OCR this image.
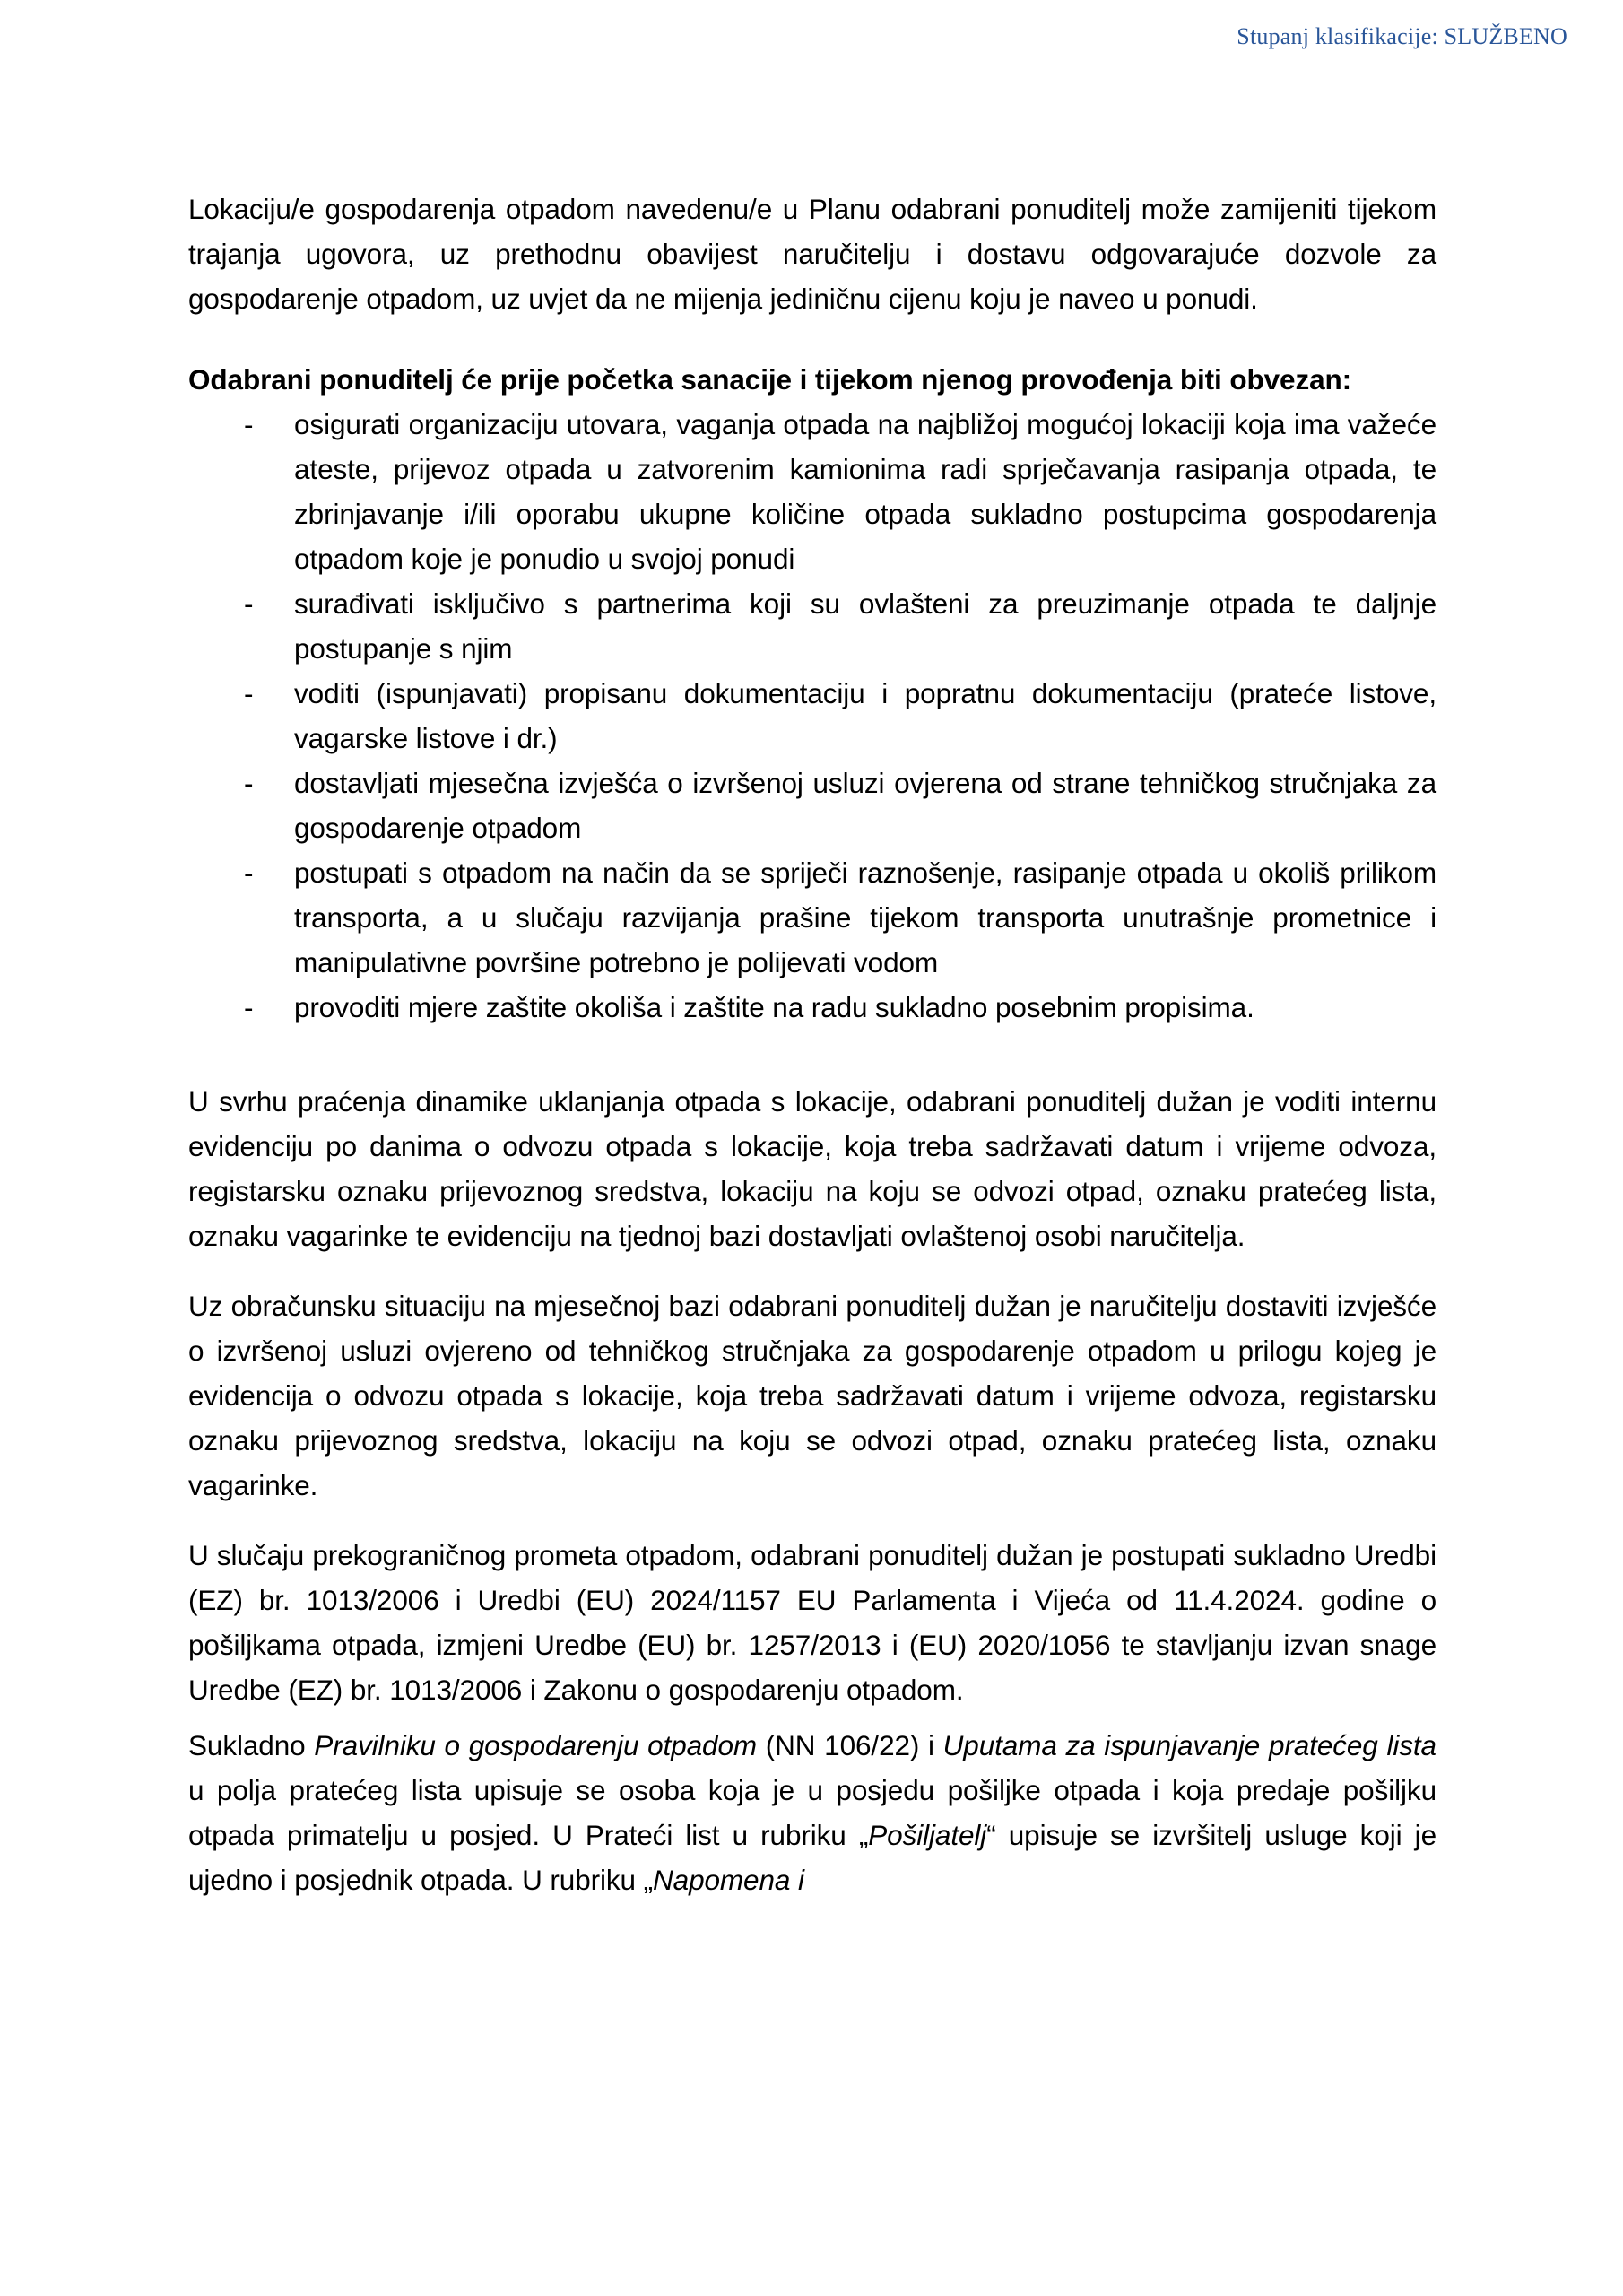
Stupanj klasifikacije: SLUŽBENO

Lokaciju/e gospodarenja otpadom navedenu/e u Planu odabrani ponuditelj može zamijeniti tijekom trajanja ugovora, uz prethodnu obavijest naručitelju i dostavu odgovarajuće dozvole za gospodarenje otpadom, uz uvjet da ne mijenja jediničnu cijenu koju je naveo u ponudi.

Odabrani ponuditelj će prije početka sanacije i tijekom njenog provođenja biti obvezan:

- osigurati organizaciju utovara, vaganja otpada na najbližoj mogućoj lokaciji koja ima važeće ateste, prijevoz otpada u zatvorenim kamionima radi sprječavanja rasipanja otpada, te zbrinjavanje i/ili oporabu ukupne količine otpada sukladno postupcima gospodarenja otpadom koje je ponudio u svojoj ponudi
- surađivati isključivo s partnerima koji su ovlašteni za preuzimanje otpada te daljnje postupanje s njim
- voditi (ispunjavati) propisanu dokumentaciju i popratnu dokumentaciju (prateće listove, vagarske listove i dr.)
- dostavljati mjesečna izvješća o izvršenoj usluzi ovjerena od strane tehničkog stručnjaka za gospodarenje otpadom
- postupati s otpadom na način da se spriječi raznošenje, rasipanje otpada u okoliš prilikom transporta, a u slučaju razvijanja prašine tijekom transporta unutrašnje prometnice i manipulativne površine potrebno je polijevati vodom
- provoditi mjere zaštite okoliša i zaštite na radu sukladno posebnim propisima.

U svrhu praćenja dinamike uklanjanja otpada s lokacije, odabrani ponuditelj dužan je voditi internu evidenciju po danima o odvozu otpada s lokacije, koja treba sadržavati datum i vrijeme odvoza, registarsku oznaku prijevoznog sredstva, lokaciju na koju se odvozi otpad, oznaku pratećeg lista, oznaku vagarinke te evidenciju na tjednoj bazi dostavljati ovlaštenoj osobi naručitelja.

Uz obračunsku situaciju na mjesečnoj bazi odabrani ponuditelj dužan je naručitelju dostaviti izvješće o izvršenoj usluzi ovjereno od tehničkog stručnjaka za gospodarenje otpadom u prilogu kojeg je evidencija o odvozu otpada s lokacije, koja treba sadržavati datum i vrijeme odvoza, registarsku oznaku prijevoznog sredstva, lokaciju na koju se odvozi otpad, oznaku pratećeg lista, oznaku vagarinke.

U slučaju prekograničnog prometa otpadom, odabrani ponuditelj dužan je postupati sukladno Uredbi (EZ) br. 1013/2006 i Uredbi (EU) 2024/1157 EU Parlamenta i Vijeća od 11.4.2024. godine o pošiljkama otpada, izmjeni Uredbe (EU) br. 1257/2013 i (EU) 2020/1056 te stavljanju izvan snage Uredbe (EZ) br. 1013/2006 i Zakonu o gospodarenju otpadom.

Sukladno Pravilniku o gospodarenju otpadom (NN 106/22) i Uputama za ispunjavanje pratećeg lista u polja pratećeg lista upisuje se osoba koja je u posjedu pošiljke otpada i koja predaje pošiljku otpada primatelju u posjed. U Prateći list u rubriku „Pošiljatelj“ upisuje se izvršitelj usluge koji je ujedno i posjednik otpada. U rubriku „Napomena i
